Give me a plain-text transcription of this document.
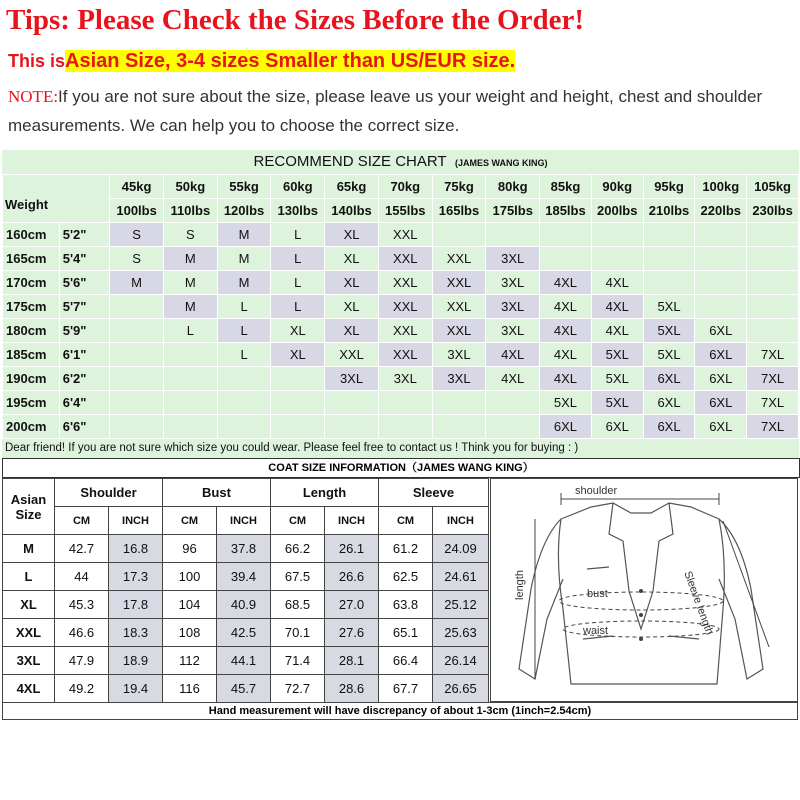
Tips: Please Check the Sizes Before the Order!
This isAsian Size, 3-4 sizes Smaller than US/EUR size.
NOTE:If you are not sure about the size, please leave us your weight and height, chest and shoulder measurements. We can help you to choose the correct size.
RECOMMEND SIZE CHART (JAMES WANG KING)
Weight		45kg	50kg	55kg	60kg	65kg	70kg	75kg	80kg	85kg	90kg	95kg	100kg	105kg
		100lbs	110lbs	120lbs	130lbs	140lbs	155lbs	165lbs	175lbs	185lbs	200lbs	210lbs	220lbs	230lbs
160cm	5'2"	S	S	M	L	XL	XXL							
165cm	5'4"	S	M	M	L	XL	XXL	XXL	3XL					
170cm	5'6"	M	M	M	L	XL	XXL	XXL	3XL	4XL	4XL			
175cm	5'7"		M	L	L	XL	XXL	XXL	3XL	4XL	4XL	5XL		
180cm	5'9"		L	L	XL	XL	XXL	XXL	3XL	4XL	4XL	5XL	6XL	
185cm	6'1"			L	XL	XXL	XXL	3XL	4XL	4XL	5XL	5XL	6XL	7XL
190cm	6'2"					3XL	3XL	3XL	4XL	4XL	5XL	6XL	6XL	7XL
195cm	6'4"									5XL	5XL	6XL	6XL	7XL
200cm	6'6"									6XL	6XL	6XL	6XL	7XL
Dear friend! If you are not sure which size you could wear. Please feel free to contact us ! Think you for buying : )
COAT SIZE INFORMATION（JAMES WANG KING）
Asian
Size	Shoulder		Bust		Length		Sleeve	
	CM	INCH	CM	INCH	CM	INCH	CM	INCH
M	42.7	16.8	96	37.8	66.2	26.1	61.2	24.09
L	44	17.3	100	39.4	67.5	26.6	62.5	24.61
XL	45.3	17.8	104	40.9	68.5	27.0	63.8	25.12
XXL	46.6	18.3	108	42.5	70.1	27.6	65.1	25.63
3XL	47.9	18.9	112	44.1	71.4	28.1	66.4	26.14
4XL	49.2	19.4	116	45.7	72.7	28.6	67.7	26.65
shoulder
length	bust
waist	Sleeve length
Hand measurement will have discrepancy of about 1-3cm (1inch=2.54cm)
